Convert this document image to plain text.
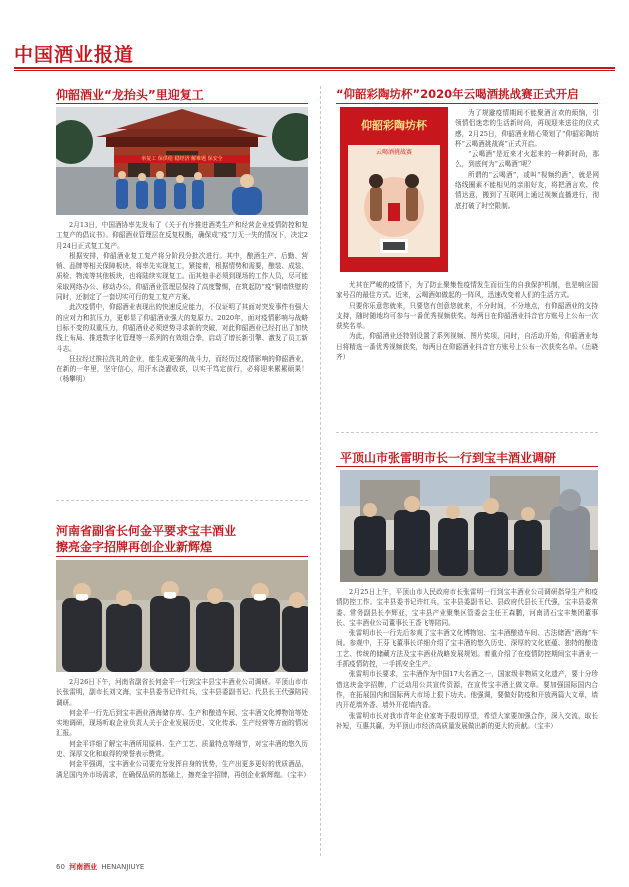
中国酒业报道
仰韶酒业“龙抬头”里迎复工
举复工 保供给 稳经济 解难题 保安全

2月13日，中国酒协率先发布了《关于有序推进酒类生产和经营企业疫情防控和复工复产的倡议书》。仰韶酒业管理层在反复权衡，确保成“疫”万无一失的情况下，决定2月24日正式复工复产。

根据安排，仰韶酒业复工复产将分阶段分批次进行。其中，酿酒生产、后勤、营销、品牌等相关保障板块，将率先实现复工，紧接着，根据情势和需要，酿装、成装、质检、物流等其他板块，也将陆续实现复工。而其他非必须到现场的工作人员，尽可能采取网络办公、移动办公。仰韶酒业管理层保持了高度警惕，在筑起防“疫”铜墙铁壁的同时，还制定了一套切实可行的复工复产方案。

此次疫情中，仰韶酒业表现出的快速反应能力，不仅证明了其面对突发事件有强大的应对力和抗压力，更彰显了仰韶酒业强大的复原力。2020年，面对疫情影响与战略目标不变的双重压力，仰韶酒业必须逆势寻求新的突破，对此仰韶酒业已经打出了加快线上布局、推进数字化管理等一系列的有效组合拳，启动了增长新引擎、激发了员工新斗志。

狂拉经过推拉洗礼的企业，能生成更强的战斗力，而经历过疫情影响的仰韶酒业，在新的一年里，坚守信心，用汗水浇灌收获，以实干笃定前行，必将迎来累累硕果！（杨攀明）

河南省副省长何金平要求宝丰酒业
擦亮金字招牌再创企业新辉煌

2月26日下午，河南省副省长何金平一行到宝丰县宝丰酒业公司调研。平顶山市市长张雷明，副市长刘文海，宝丰县委书记许红兵，宝丰县委副书记、代县长王代强陪同调研。

何金平一行先后到宝丰酒业酒海储存库、生产和酿造车间、宝丰酒文化博物馆等处实地调研，现场听取企业负责人关于企业发展历史、文化传承、生产经营等方面的情况汇报。

何金平详细了解宝丰酒所用原料、生产工艺、质量特点等细节，对宝丰酒的悠久历史、深厚文化和取得的荣誉表示赞赏。

何金平强调，宝丰酒业公司要充分发挥自身的优势，生产出更多更好的优质酒品，满足国内外市场需求，在确保品质的基础上，擦亮金字招牌，再创企业新辉煌。（宝丰）

“仰韶彩陶坊杯”2020年云喝酒挑战赛正式开启
仰韶彩陶坊杯
云喝酒挑战赛

为了规避疫情期间不能聚酒言欢的烦恼，引领情侣迷恋的生活新时尚，再现迎来送往的仪式感，2月25日，仰韶酒业精心策划了“仰韶彩陶坊杯”云喝酒挑战赛”正式开启。

“云喝酒”是近来才火起来的一种新时尚，那么，到底何为“云喝酒”呢？

所谓的“云喝酒”，或叫“视频约酒”，就是网络线圈素不能相见的亲朋好友，将把酒言欢、传情达意，搬到了互联网上通过视频直播进行，彻底打破了时空限制。

尤其在严峻的疫情下，为了防止聚集性疫情发生而衍生的自我保护机制，也是响应国家号召的最佳方式。近来，云喝酒如做起的一阵风，迅速改变着人们的生活方式。

只要你乐意您就来，只要您有创意您就来，不分时间，不分地点，有仰韶酒业的支持支持，随时随地均可参与一番优秀视频获奖。每两日在仰韶酒业抖音官方账号上公布一次获奖名单。

为此，仰韶酒业还特别设置了系列视频、图片奖项，同时，自活动开始，仰韶酒业每日将精选一番优秀视频获奖，每两日在仰韶酒业抖音官方账号上公布一次获奖名单。（岳晓齐）

平顶山市张雷明市长一行到宝丰酒业调研

2月25日上午，平顶山市人民政府市长张雷明一行到宝丰酒业公司调研指导生产和疫情防控工作。宝丰县委书记许红兵，宝丰县委副书记、县政府代县长王代强，宝丰县委常委、常务副县长李辉亚，宝丰县产业聚集区管委会主任王森鹏，河南清石宝丰集团董事长、宝丰酒业公司董事长王香飞等陪同。

张雷明市长一行先后参观了宝丰酒文化博物馆、宝丰酒酿造车间、古法储酒“酒海”车间。参观中，王芬飞董事长详细介绍了宝丰酒的悠久历史、深厚的文化底蕴、独特的酿造工艺、传统的储藏方法及宝丰酒业战略发展规划。着重介绍了在疫情防控期间宝丰酒业一手抓疫情防控，一手抓安全生产。

张雷明市长要求，宝丰酒作为中国17大名酒之一，国家级非物质文化遗产，要十分珍惜这块金字招牌，广泛动用公共宣传资源，在宣传宝丰酒上做文章。要加强国际国内合作，在拓展国内和国际两大市场上狠下功夫。他强调，要做好防疫和开放两篇大文章，墙内开花墙外香、墙外开花墙内香。

张雷明市长对我市青年企业家寄予殷切厚望，希望大家要加强合作，深入交流，取长补短，互惠共赢，为平顶山市经济高质量发展做出新的更大的贡献。（宝丰）

60 河南酒业 HENANJIUYE
